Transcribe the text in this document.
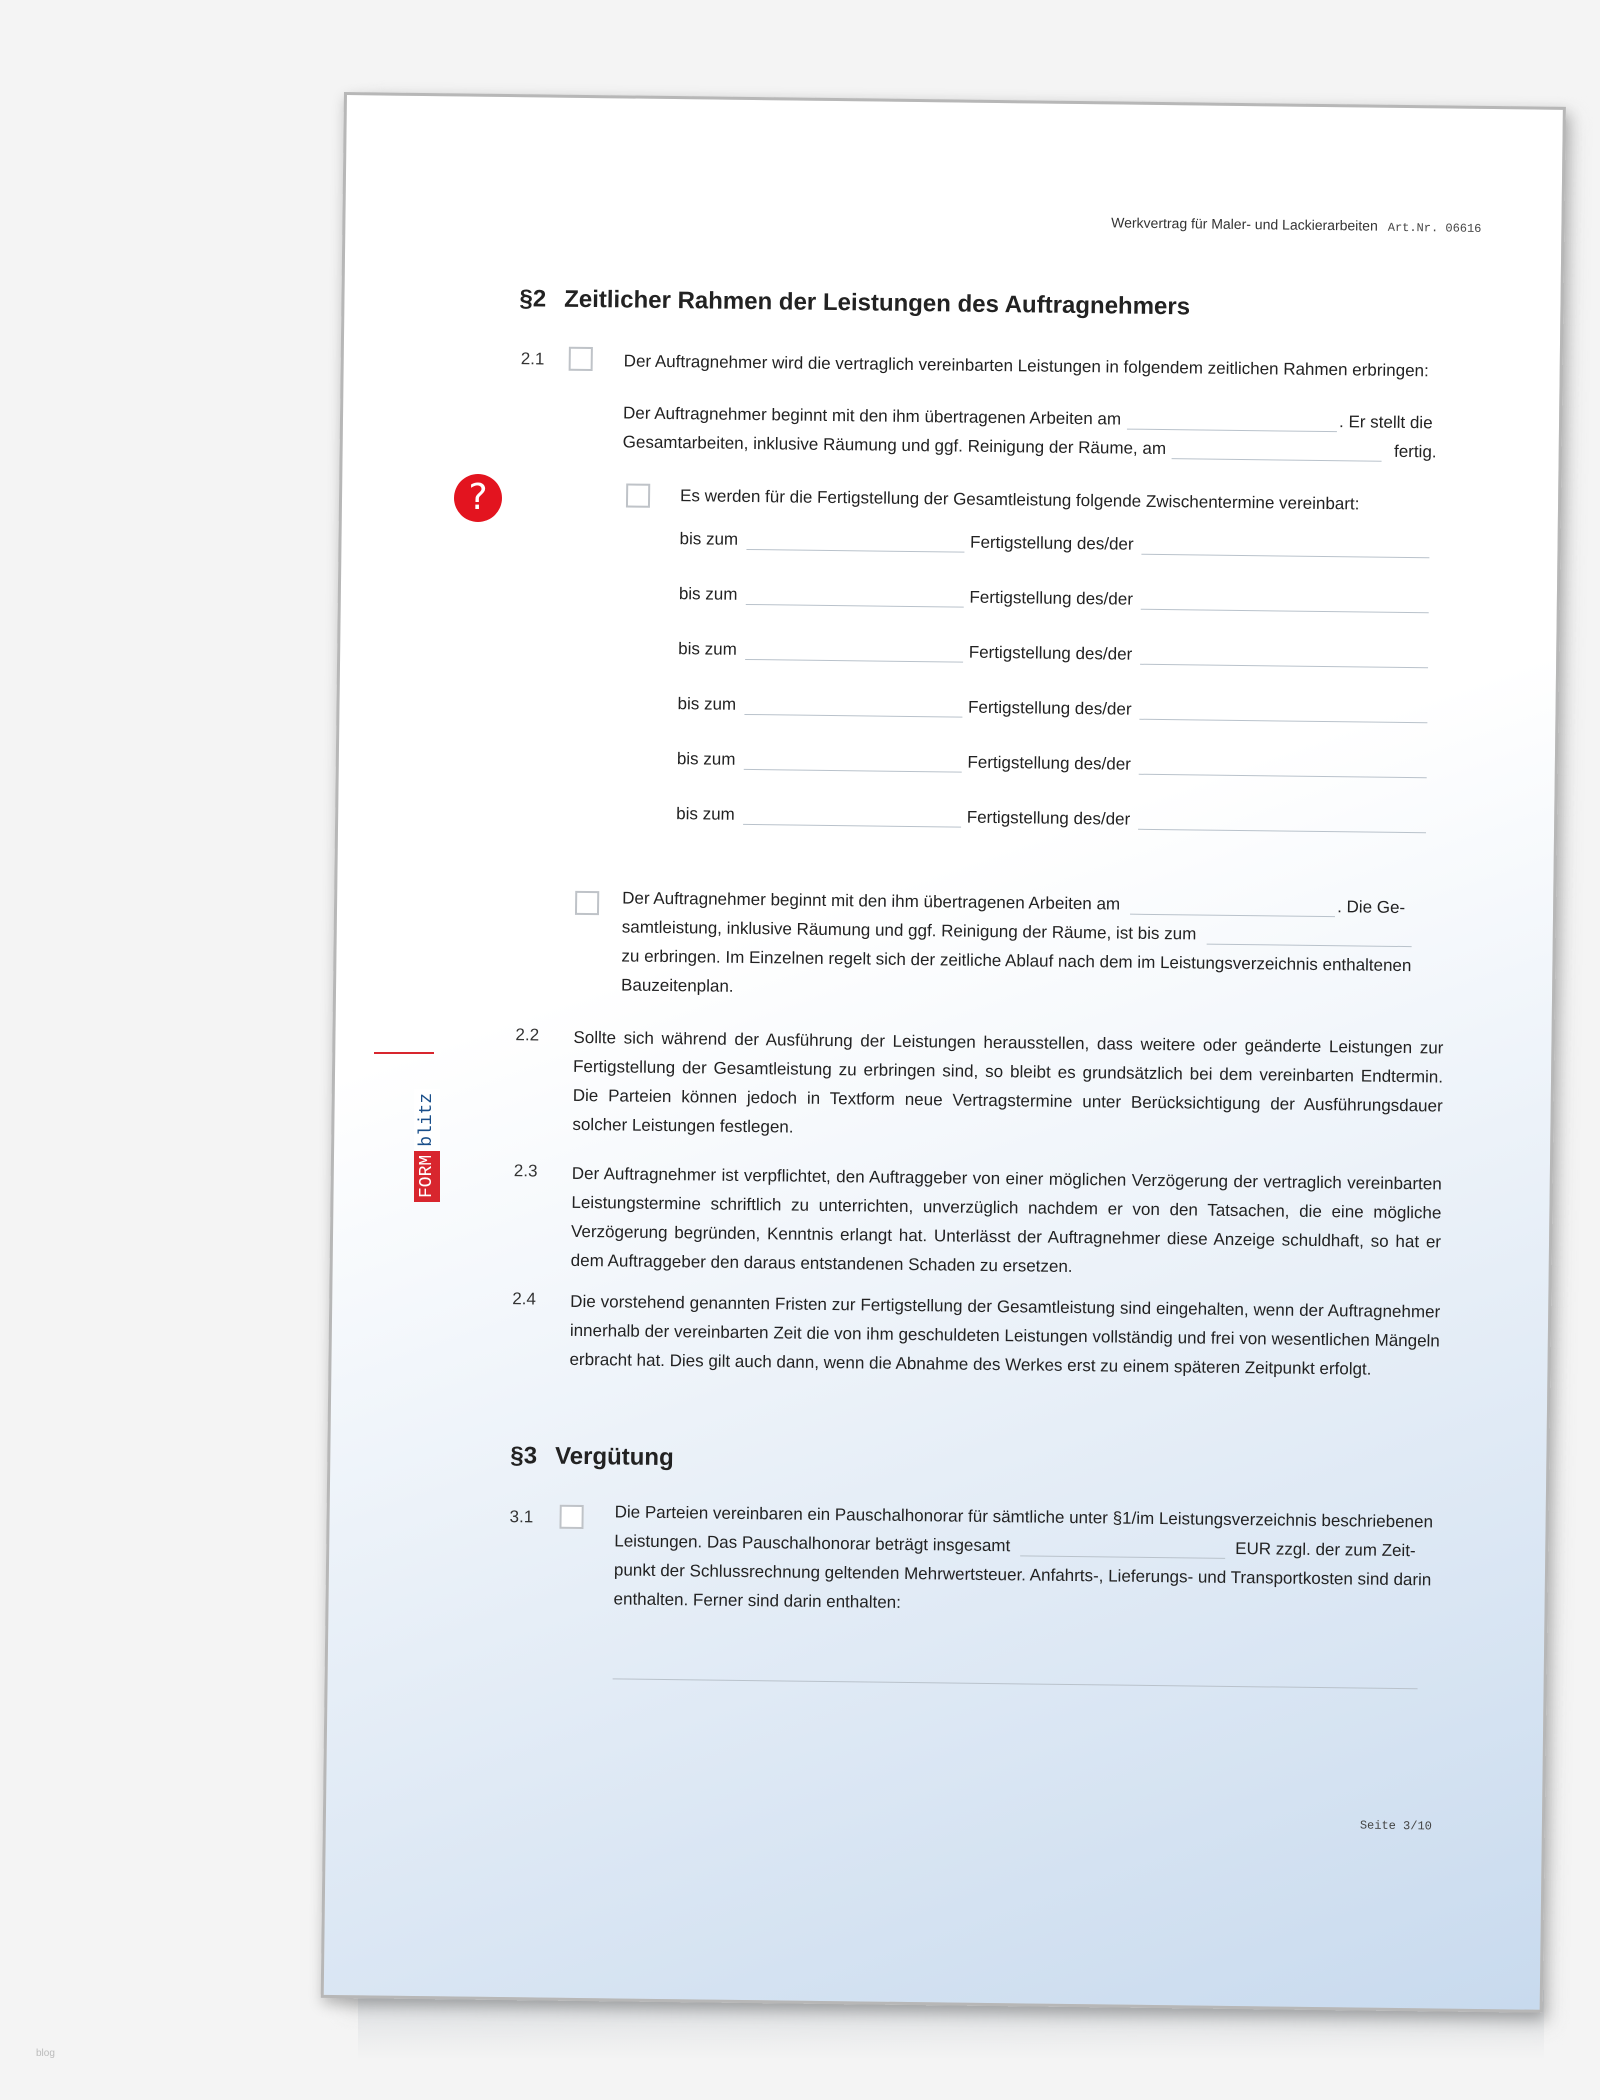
Werkvertrag für Maler- und Lackierarbeiten Art.Nr. 06616
§2 Zeitlicher Rahmen der Leistungen des Auftragnehmers
2.1	Der Auftragnehmer wird die vertraglich vereinbarten Leistungen in folgendem zeitlichen Rahmen erbringen:
Der Auftragnehmer beginnt mit den ihm übertragenen Arbeiten am	. Er stellt die
Gesamtarbeiten, inklusive Räumung und ggf. Reinigung der Räume, am	fertig.
Es werden für die Fertigstellung der Gesamtleistung folgende Zwischentermine vereinbart:
bis zum	Fertigstellung des/der
bis zum	Fertigstellung des/der
bis zum	Fertigstellung des/der
bis zum	Fertigstellung des/der
bis zum	Fertigstellung des/der
bis zum	Fertigstellung des/der
Der Auftragnehmer beginnt mit den ihm übertragenen Arbeiten am	. Die Ge-
samtleistung, inklusive Räumung und ggf. Reinigung der Räume, ist bis zum
zu erbringen. Im Einzelnen regelt sich der zeitliche Ablauf nach dem im Leistungsverzeichnis enthaltenen
Bauzeitenplan.
2.2 Sollte sich während der Ausführung der Leistungen herausstellen, dass weitere oder geänderte Leistungen zur Fertigstellung der Gesamtleistung zu erbringen sind, so bleibt es grundsätzlich bei dem vereinbarten Endtermin. Die Parteien können jedoch in Textform neue Vertragstermine unter Berücksichtigung der Ausführungsdauer solcher Leistungen festlegen.
2.3 Der Auftragnehmer ist verpflichtet, den Auftraggeber von einer möglichen Verzögerung der vertraglich vereinbarten Leistungstermine schriftlich zu unterrichten, unverzüglich nachdem er von den Tatsachen, die eine mögliche Verzögerung begründen, Kenntnis erlangt hat. Unterlässt der Auftragnehmer diese Anzeige schuldhaft, so hat er dem Auftraggeber den daraus entstandenen Schaden zu ersetzen.
2.4 Die vorstehend genannten Fristen zur Fertigstellung der Gesamtleistung sind eingehalten, wenn der Auftragnehmer innerhalb der vereinbarten Zeit die von ihm geschuldeten Leistungen vollständig und frei von wesentlichen Mängeln erbracht hat. Dies gilt auch dann, wenn die Abnahme des Werkes erst zu einem späteren Zeitpunkt erfolgt.
§3 Vergütung
3.1	Die Parteien vereinbaren ein Pauschalhonorar für sämtliche unter §1/im Leistungsverzeichnis beschriebenen
Leistungen. Das Pauschalhonorar beträgt insgesamt	EUR zzgl. der zum Zeit-
punkt der Schlussrechnung geltenden Mehrwertsteuer. Anfahrts-, Lieferungs- und Transportkosten sind darin
enthalten. Ferner sind darin enthalten:
Seite 3/10
?
FORM
blitz
blog
